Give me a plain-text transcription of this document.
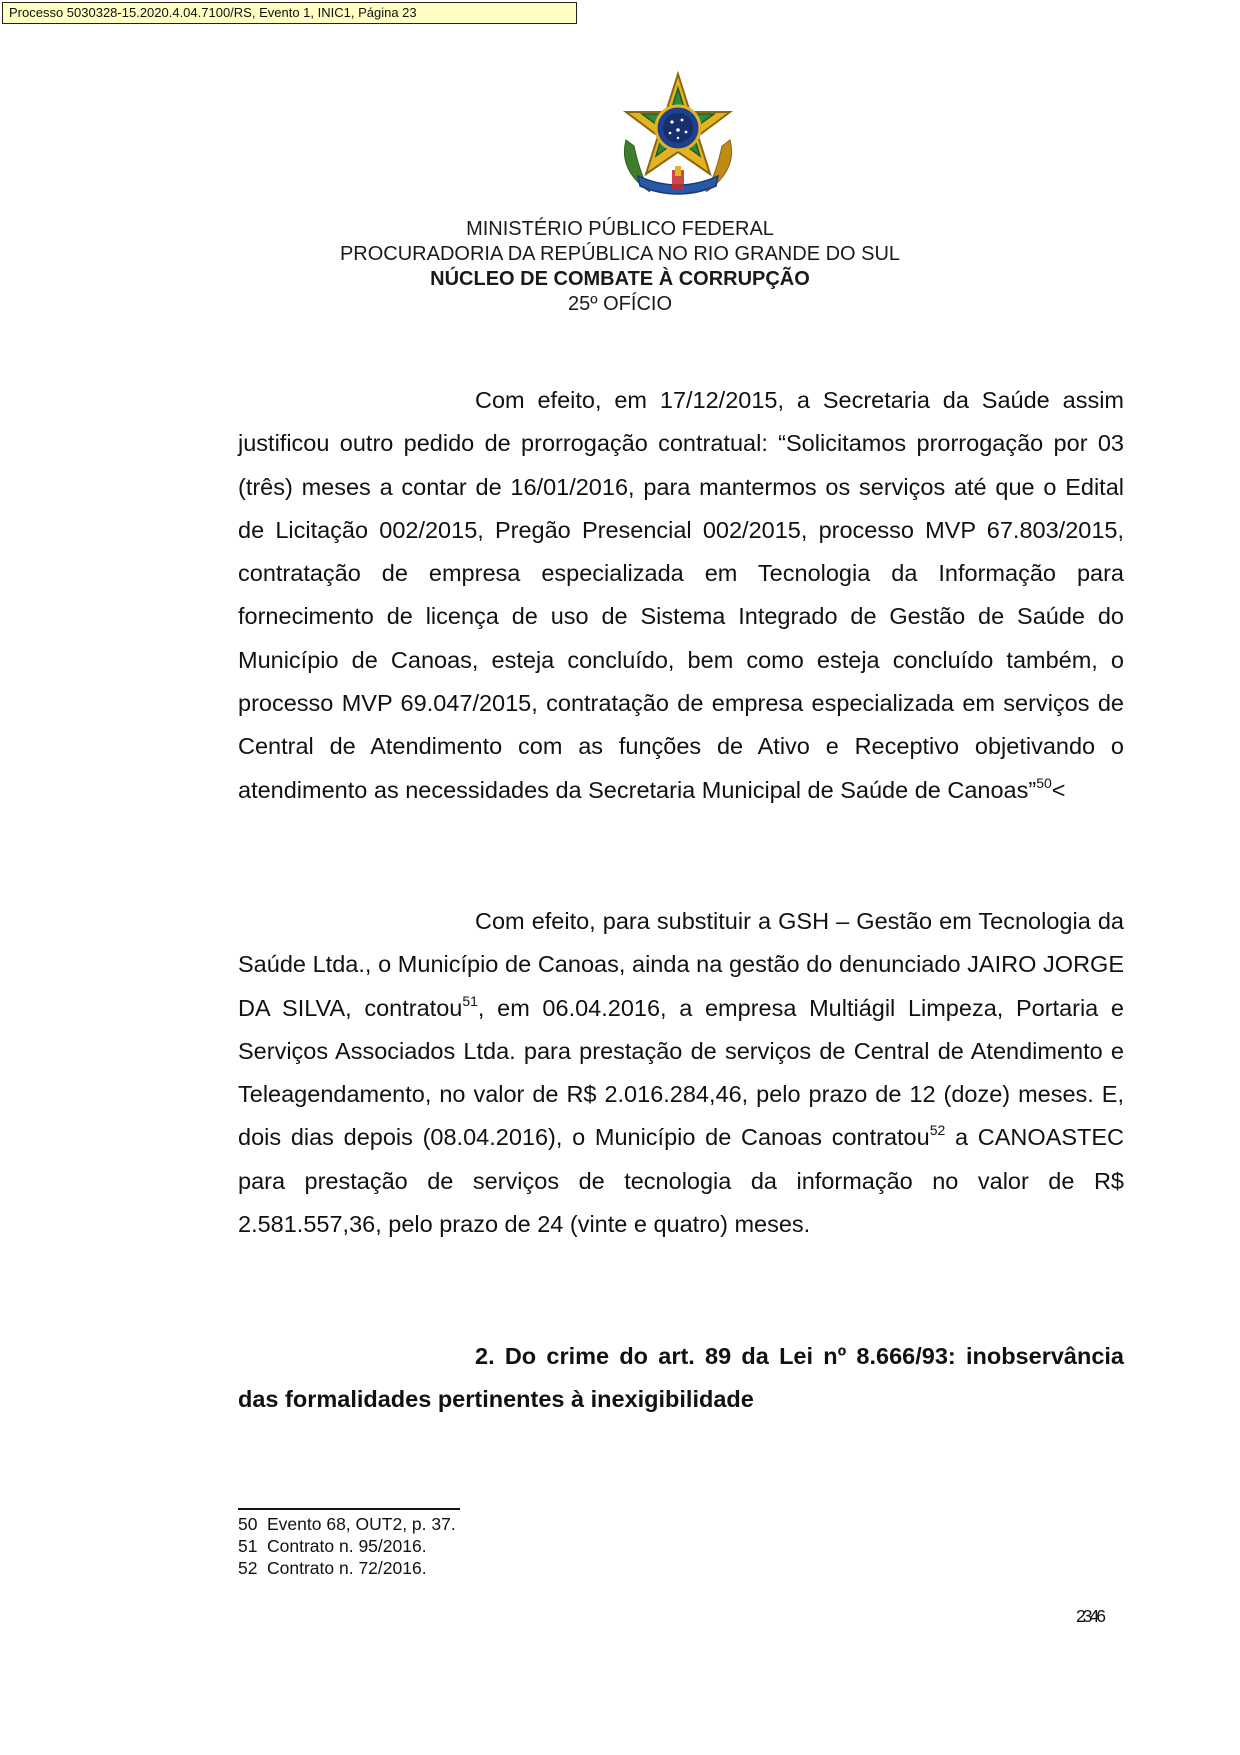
Processo 5030328-15.2020.4.04.7100/RS, Evento 1, INIC1, Página 23
MINISTÉRIO PÚBLICO FEDERAL
PROCURADORIA DA REPÚBLICA NO RIO GRANDE DO SUL
NÚCLEO DE COMBATE À CORRUPÇÃO
25º OFÍCIO

Com efeito, em 17/12/2015, a Secretaria da Saúde assim justificou outro pedido de prorrogação contratual: “Solicitamos prorrogação por 03 (três) meses a contar de 16/01/2016, para mantermos os serviços até que o Edital de Licitação 002/2015, Pregão Presencial 002/2015, processo MVP 67.803/2015, contratação de empresa especializada em Tecnologia da Informação para fornecimento de licença de uso de Sistema Integrado de Gestão de Saúde do Município de Canoas, esteja concluído, bem como esteja concluído também, o processo MVP 69.047/2015, contratação de empresa especializada em serviços de Central de Atendimento com as funções de Ativo e Receptivo objetivando o atendimento as necessidades da Secretaria Municipal de Saúde de Canoas”$^{50}$<

Com efeito, para substituir a GSH – Gestão em Tecnologia da Saúde Ltda., o Município de Canoas, ainda na gestão do denunciado JAIRO JORGE DA SILVA, contratou$^{51}$, em 06.04.2016, a empresa Multiágil Limpeza, Portaria e Serviços Associados Ltda. para prestação de serviços de Central de Atendimento e Teleagendamento, no valor de R$ 2.016.284,46, pelo prazo de 12 (doze) meses. E, dois dias depois (08.04.2016), o Município de Canoas contratou$^{52}$ a CANOASTEC para prestação de serviços de tecnologia da informação no valor de R$ 2.581.557,36, pelo prazo de 24 (vinte e quatro) meses.

2. Do crime do art. 89 da Lei nº 8.666/93: inobservância das formalidades pertinentes à inexigibilidade

50 Evento 68, OUT2, p. 37.
51 Contrato n. 95/2016.
52 Contrato n. 72/2016.
2346
